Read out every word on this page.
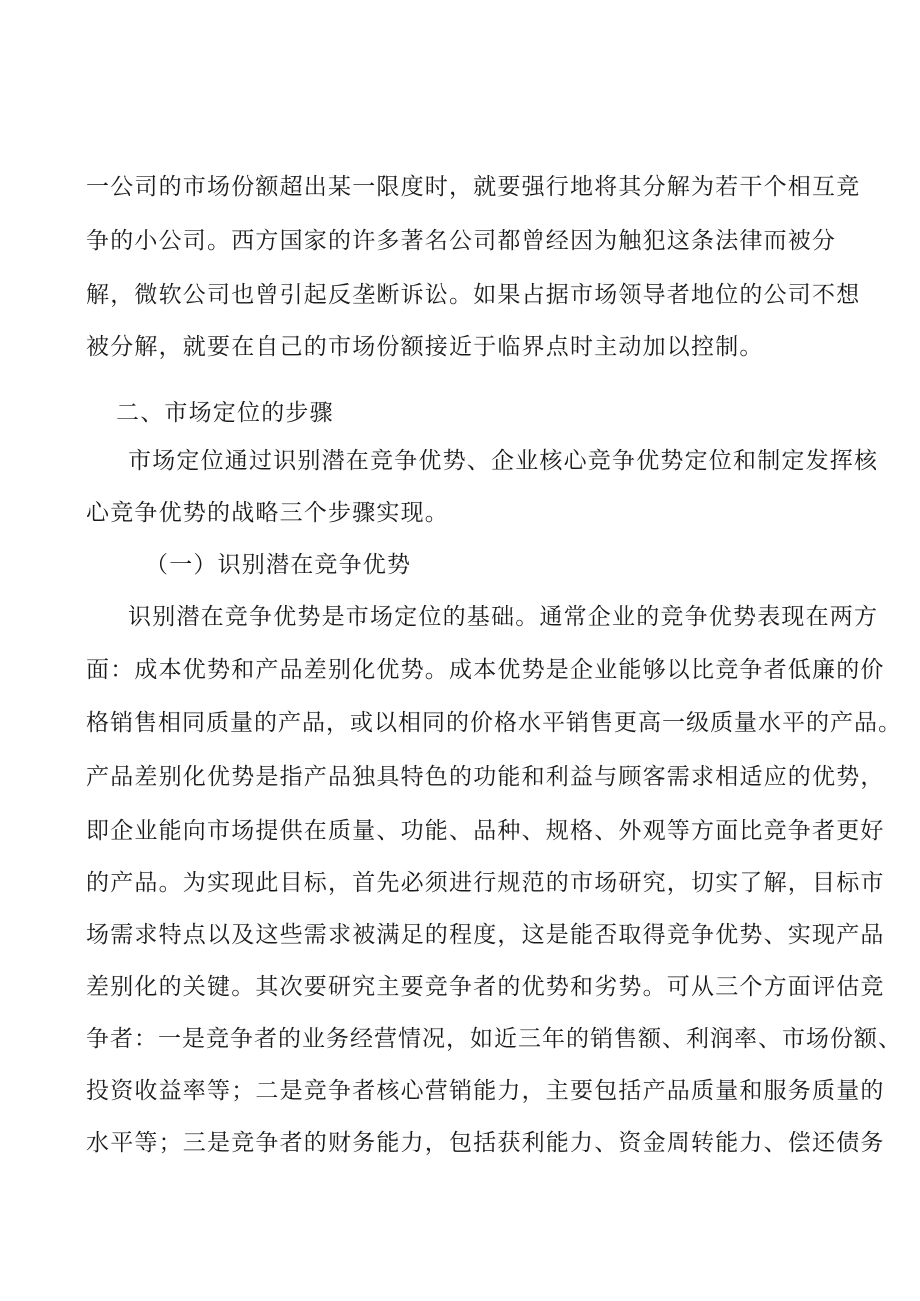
一公司的市场份额超出某一限度时，就要强行地将其分解为若干个相互竞
争的小公司。西方国家的许多著名公司都曾经因为触犯这条法律而被分
解，微软公司也曾引起反垄断诉讼。如果占据市场领导者地位的公司不想
被分解，就要在自己的市场份额接近于临界点时主动加以控制。
二、市场定位的步骤
市场定位通过识别潜在竞争优势、企业核心竞争优势定位和制定发挥核
心竞争优势的战略三个步骤实现。
（一）识别潜在竞争优势
识别潜在竞争优势是市场定位的基础。通常企业的竞争优势表现在两方
面：成本优势和产品差别化优势。成本优势是企业能够以比竞争者低廉的价
格销售相同质量的产品，或以相同的价格水平销售更高一级质量水平的产品。
产品差别化优势是指产品独具特色的功能和利益与顾客需求相适应的优势，
即企业能向市场提供在质量、功能、品种、规格、外观等方面比竞争者更好
的产品。为实现此目标，首先必须进行规范的市场研究，切实了解，目标市
场需求特点以及这些需求被满足的程度，这是能否取得竞争优势、实现产品
差别化的关键。其次要研究主要竞争者的优势和劣势。可从三个方面评估竞
争者：一是竞争者的业务经营情况，如近三年的销售额、利润率、市场份额、
投资收益率等；二是竞争者核心营销能力，主要包括产品质量和服务质量的
水平等；三是竞争者的财务能力，包括获利能力、资金周转能力、偿还债务
